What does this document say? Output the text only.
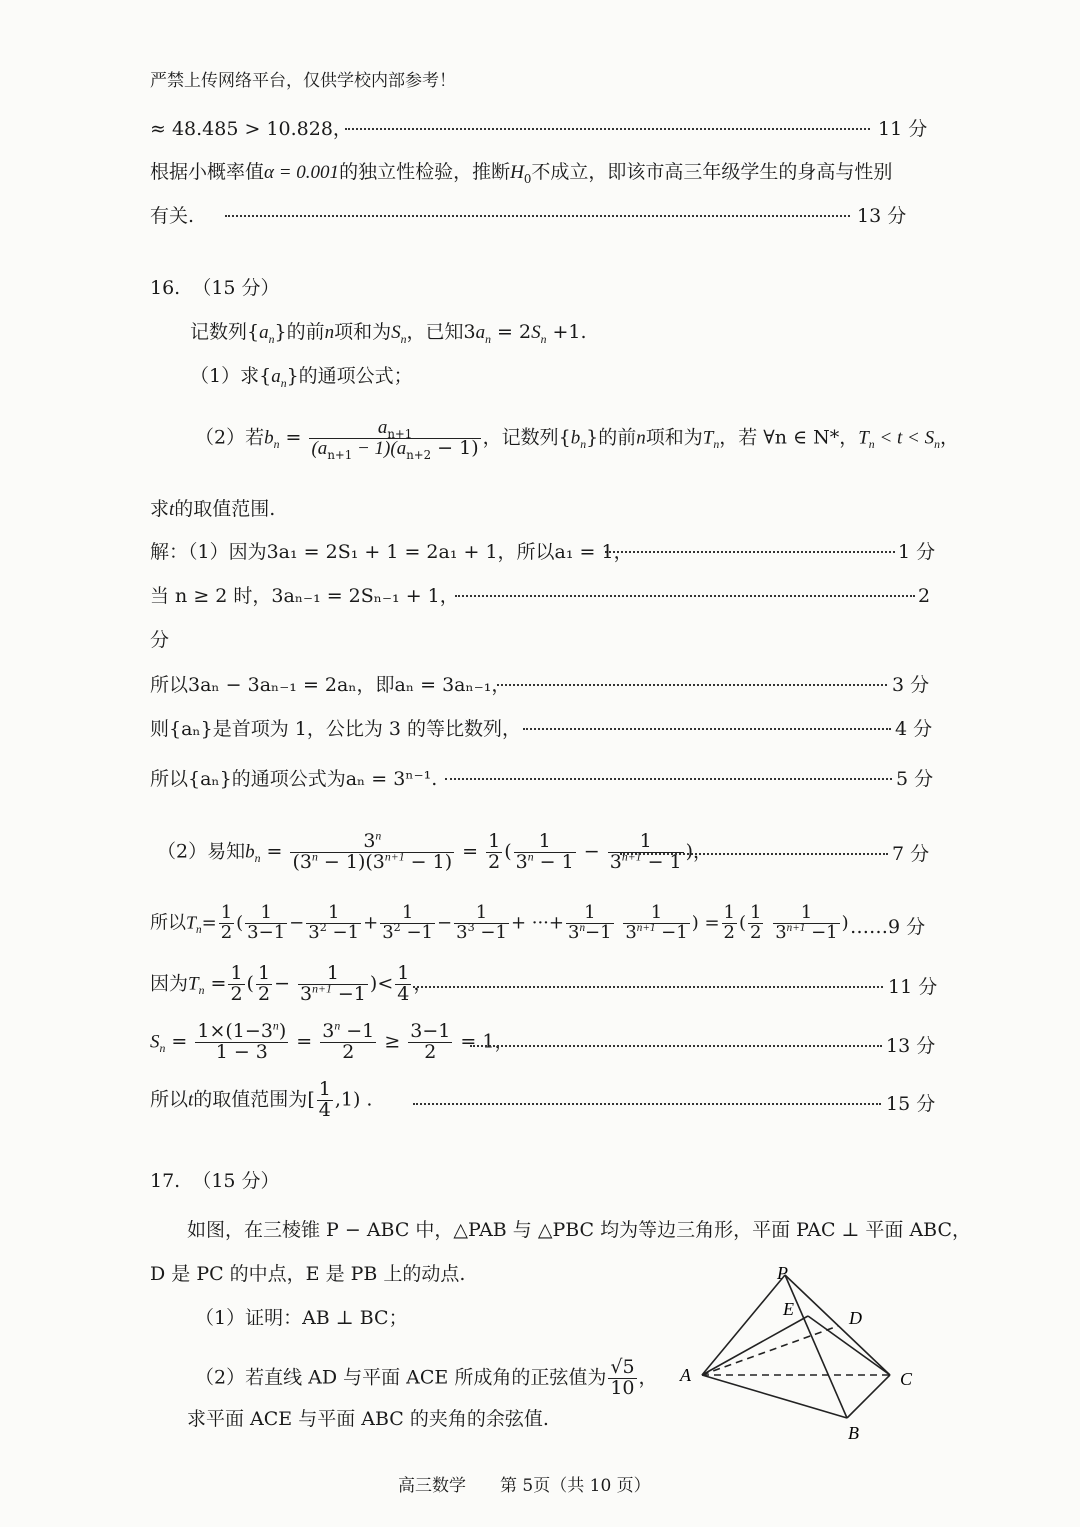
严禁上传网络平台，仅供学校内部参考！
≈ 48.485 > 10.828，	11 分
根据小概率值α = 0.001的独立性检验，推断$H_0$不成立，即该市高三年级学生的身高与性别
有关.	13 分
16. （15 分）
记数列$\{a_n\}$的前n项和为$S_n$，已知$3a_n = 2S_n +1$.
（1）求$\{a_n\}$的通项公式；
（2）若$b_n = \frac{a_{n+1}}{(a_{n+1} - 1)(a_{n+2} - 1)}$ ，记数列$\{b_n\}$的前n项和为$T_n$，若 ∀n ∈ N*，$T_n < t < S_n$，
求t的取值范围.
解：（1）因为3a₁ = 2S₁ + 1 = 2a₁ + 1，所以a₁ = 1，	1 分
当 n ≥ 2 时，3aₙ₋₁ = 2Sₙ₋₁ + 1，	2
分
所以3aₙ − 3aₙ₋₁ = 2aₙ，即aₙ = 3aₙ₋₁，	3 分
则{aₙ}是首项为 1，公比为 3 的等比数列，	4 分
所以{aₙ}的通项公式为aₙ = 3ⁿ⁻¹.	5 分
（2）易知$b_n = \frac{3^n}{(3^n - 1)(3^{n+1} - 1)} = \frac{1}{2}$ ( $\frac{1}{3^n - 1} - \frac{1}{3^{n+1} - 1}$ )，	7 分
所以$T_n= \frac{1}{2}$ ( $\frac{1}{3-1} - \frac{1}{3^2 -1} + \frac{1}{3^2 -1} - \frac{1}{3^3 -1}$ + ···+ $\frac{1}{3^n-1}$
$\frac{1}{3^{n+1} -1}$ ) = $\frac{1}{2}$ ( $\frac{1}{2}$
$\frac{1}{3^{n+1} -1}$ ) ……9 分
因为$T_n = \frac{1}{2}$ ( $\frac{1}{2} - \frac{1}{3^{n+1} -1}$ )< $\frac{1}{4}$ ，	11 分
$S_n = \frac{1\times(1-3^n)}{1 - 3} = \frac{3^n -1}{2} \ge \frac{3-1}{2} = 1$，	13 分
所以t的取值范围为[ $\frac{1}{4} ,1$) .	15 分
17. （15 分）
如图，在三棱锥 P − ABC 中，△PAB 与 △PBC 均为等边三角形，平面 PAC ⊥ 平面 ABC，
D 是 PC 的中点，E 是 PB 上的动点.
（1）证明：AB ⊥ BC；
（2）若直线 AD 与平面 ACE 所成角的正弦值为 $\frac{√5}{10}$ ，
求平面 ACE 与平面 ABC 的夹角的余弦值.
P
E	D
A	C
B
高三数学　　第 5页（共 10 页）
